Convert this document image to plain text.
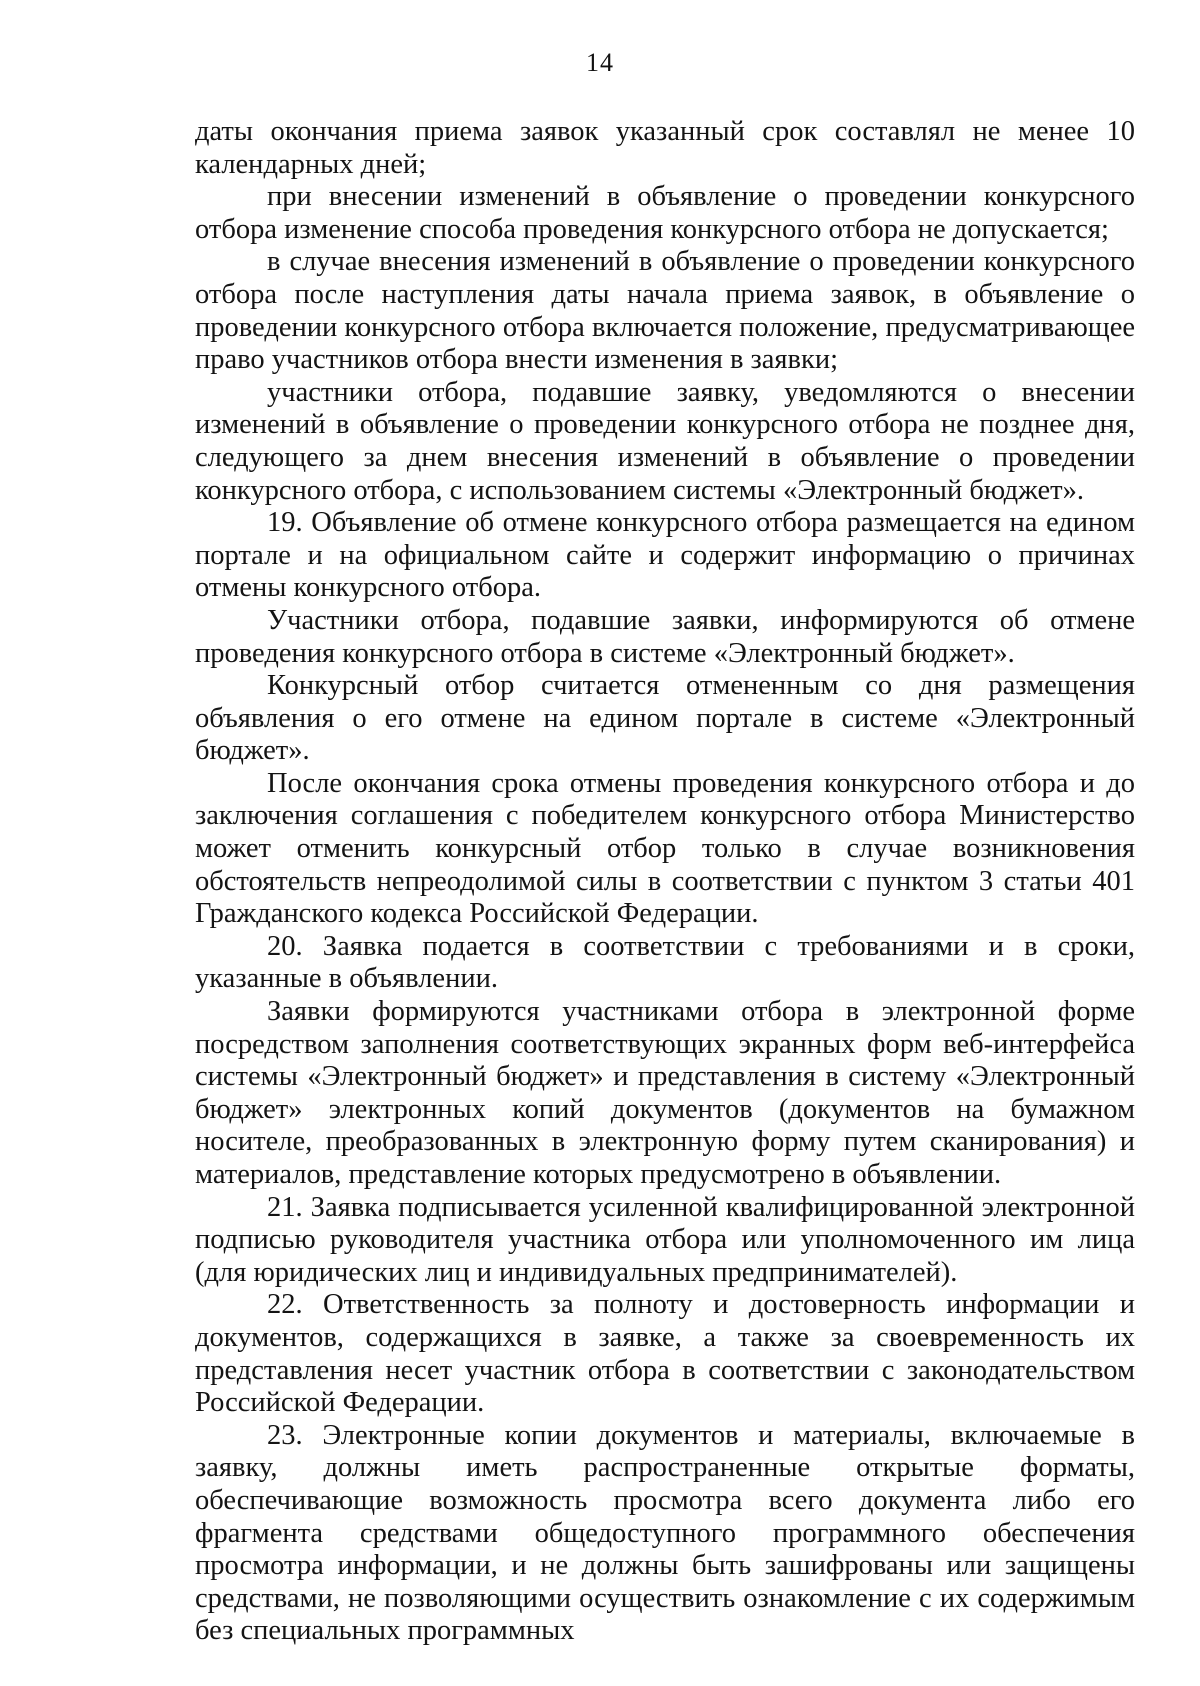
14

даты окончания приема заявок указанный срок составлял не менее 10 календарных дней;

при внесении изменений в объявление о проведении конкурсного отбора изменение способа проведения конкурсного отбора не допускается;

в случае внесения изменений в объявление о проведении конкурсного отбора после наступления даты начала приема заявок, в объявление о проведении конкурсного отбора включается положение, предусматривающее право участников отбора внести изменения в заявки;

участники отбора, подавшие заявку, уведомляются о внесении изменений в объявление о проведении конкурсного отбора не позднее дня, следующего за днем внесения изменений в объявление о проведении конкурсного отбора, с использованием системы «Электронный бюджет».

19. Объявление об отмене конкурсного отбора размещается на едином портале и на официальном сайте и содержит информацию о причинах отмены конкурсного отбора.

Участники отбора, подавшие заявки, информируются об отмене проведения конкурсного отбора в системе «Электронный бюджет».

Конкурсный отбор считается отмененным со дня размещения объявления о его отмене на едином портале в системе «Электронный бюджет».

После окончания срока отмены проведения конкурсного отбора и до заключения соглашения с победителем конкурсного отбора Министерство может отменить конкурсный отбор только в случае возникновения обстоятельств непреодолимой силы в соответствии с пунктом 3 статьи 401 Гражданского кодекса Российской Федерации.

20. Заявка подается в соответствии с требованиями и в сроки, указанные в объявлении.

Заявки формируются участниками отбора в электронной форме посредством заполнения соответствующих экранных форм веб-интерфейса системы «Электронный бюджет» и представления в систему «Электронный бюджет» электронных копий документов (документов на бумажном носителе, преобразованных в электронную форму путем сканирования) и материалов, представление которых предусмотрено в объявлении.

21. Заявка подписывается усиленной квалифицированной электронной подписью руководителя участника отбора или уполномоченного им лица (для юридических лиц и индивидуальных предпринимателей).

22. Ответственность за полноту и достоверность информации и документов, содержащихся в заявке, а также за своевременность их представления несет участник отбора в соответствии с законодательством Российской Федерации.

23. Электронные копии документов и материалы, включаемые в заявку, должны иметь распространенные открытые форматы, обеспечивающие возможность просмотра всего документа либо его фрагмента средствами общедоступного программного обеспечения просмотра информации, и не должны быть зашифрованы или защищены средствами, не позволяющими осуществить ознакомление с их содержимым без специальных программных
